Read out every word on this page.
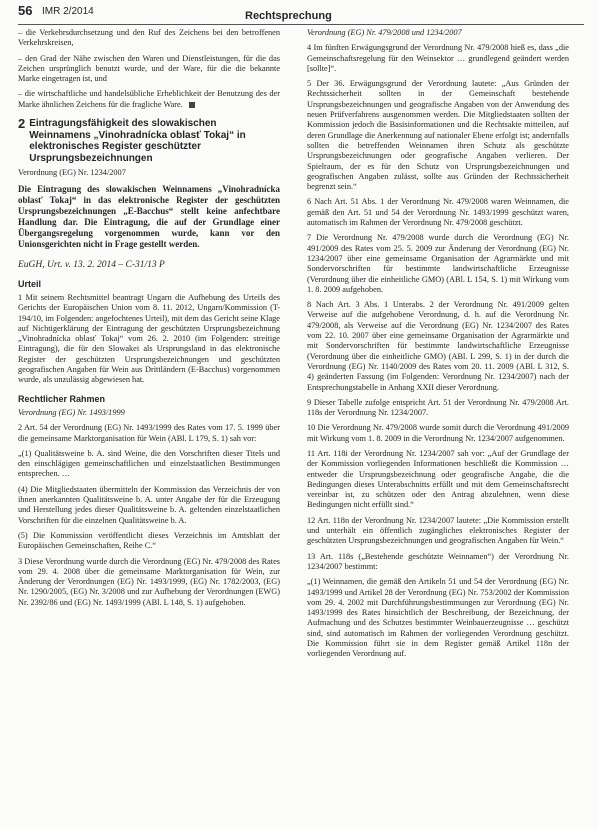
56 IMR 2/2014	Rechtsprechung

– die Verkehrsdurchsetzung und den Ruf des Zeichens bei den betroffenen Verkehrskreisen,

– den Grad der Nähe zwischen den Waren und Dienstleistungen, für die das Zeichen ursprünglich benutzt wurde, und der Ware, für die die bekannte Marke eingetragen ist, und

– die wirtschaftliche und handelsübliche Erheblichkeit der Benutzung des der Marke ähnlichen Zeichens für die fragliche Ware.

2 Eintragungsfähigkeit des slowakischen Weinnamens „Vinohradnícka oblasť Tokaj“ in elektronisches Register geschützter Ursprungsbezeichnungen
Verordnung (EG) Nr. 1234/2007
Die Eintragung des slowakischen Weinnamens „Vinohradnícka oblasť Tokaj“ in das elektronische Register der geschützten Ursprungsbezeichnungen „E-Bacchus“ stellt keine anfechtbare Handlung dar. Die Eintragung, die auf der Grundlage einer Übergangsregelung vorgenommen wurde, kann vor den Unionsgerichten nicht in Frage gestellt werden.
EuGH, Urt. v. 13. 2. 2014 – C-31/13 P
Urteil

1 Mit seinem Rechtsmittel beantragt Ungarn die Aufhebung des Urteils des Gerichts der Europäischen Union vom 8. 11. 2012, Ungarn/Kommission (T-194/10, im Folgenden: angefochtenes Urteil), mit dem das Gericht seine Klage auf Nichtigerklärung der Eintragung der geschützten Ursprungsbezeichnung „Vinohradnícka oblasť Tokaj“ vom 26. 2. 2010 (im Folgenden: streitige Eintragung), die für den Slowakei als Ursprungsland in das elektronische Register der geschützten Ursprungsbezeichnungen und geschützten geografischen Angaben für Wein aus Drittländern (E-Bacchus) vorgenommen wurde, als unzulässig abgewiesen hat.

Rechtlicher Rahmen

Verordnung (EG) Nr. 1493/1999

2 Art. 54 der Verordnung (EG) Nr. 1493/1999 des Rates vom 17. 5. 1999 über die gemeinsame Marktorganisation für Wein (ABl. L 179, S. 1) sah vor:

„(1) Qualitätsweine b. A. sind Weine, die den Vorschriften dieser Titels und den einschlägigen gemeinschaftlichen und einzelstaatlichen Bestimmungen entsprechen. …

(4) Die Mitgliedstaaten übermitteln der Kommission das Verzeichnis der von ihnen anerkannten Qualitätsweine b. A. unter Angabe der für die Erzeugung und Herstellung jedes dieser Qualitätsweine b. A. geltenden einzelstaatlichen Vorschriften für die einzelnen Qualitätsweine b. A.

(5) Die Kommission veröffentlicht dieses Verzeichnis im Amtsblatt der Europäischen Gemeinschaften, Reihe C.“

3 Diese Verordnung wurde durch die Verordnung (EG) Nr. 479/2008 des Rates vom 29. 4. 2008 über die gemeinsame Marktorganisation für Wein, zur Änderung der Verordnungen (EG) Nr. 1493/1999, (EG) Nr. 1782/2003, (EG) Nr. 1290/2005, (EG) Nr. 3/2008 und zur Aufhebung der Verordnungen (EWG) Nr. 2392/86 und (EG) Nr. 1493/1999 (ABl. L 148, S. 1) aufgehoben.

Verordnung (EG) Nr. 479/2008 und 1234/2007

4 Im fünften Erwägungsgrund der Verordnung Nr. 479/2008 hieß es, dass „die Gemeinschaftsregelung für den Weinsektor … grundlegend geändert werden [sollte]“.

5 Der 36. Erwägungsgrund der Verordnung lautete: „Aus Gründen der Rechtssicherheit sollten in der Gemeinschaft bestehende Ursprungsbezeichnungen und geografische Angaben von der Anwendung des neuen Prüfverfahrens ausgenommen werden. Die Mitgliedstaaten sollten der Kommission jedoch die Basisinformationen und die Rechtsakte mitteilen, auf deren Grundlage die Anerkennung auf nationaler Ebene erfolgt ist; andernfalls sollten die betreffenden Weinnamen ihren Schutz als geschützte Ursprungsbezeichnungen oder geografische Angaben verlieren. Der Spielraum, der es für den Schutz von Ursprungsbezeichnungen und geografischen Angaben zulässt, sollte aus Gründen der Rechtssicherheit begrenzt sein.“

6 Nach Art. 51 Abs. 1 der Verordnung Nr. 479/2008 waren Weinnamen, die gemäß den Art. 51 und 54 der Verordnung Nr. 1493/1999 geschützt waren, automatisch im Rahmen der Verordnung Nr. 479/2008 geschützt.

7 Die Verordnung Nr. 479/2008 wurde durch die Verordnung (EG) Nr. 491/2009 des Rates vom 25. 5. 2009 zur Änderung der Verordnung (EG) Nr. 1234/2007 über eine gemeinsame Organisation der Agrarmärkte und mit Sondervorschriften für bestimmte landwirtschaftliche Erzeugnisse (Verordnung über die einheitliche GMO) (ABl. L 154, S. 1) mit Wirkung vom 1. 8. 2009 aufgehoben.

8 Nach Art. 3 Abs. 1 Unterabs. 2 der Verordnung Nr. 491/2009 gelten Verweise auf die aufgehobene Verordnung, d. h. auf die Verordnung Nr. 479/2008, als Verweise auf die Verordnung (EG) Nr. 1234/2007 des Rates vom 22. 10. 2007 über eine gemeinsame Organisation der Agrarmärkte und mit Sondervorschriften für bestimmte landwirtschaftliche Erzeugnisse (Verordnung über die einheitliche GMO) (ABl. L 299, S. 1) in der durch die Verordnung (EG) Nr. 1140/2009 des Rates vom 20. 11. 2009 (ABl. L 312, S. 4) geänderten Fassung (im Folgenden: Verordnung Nr. 1234/2007) nach der Entsprechungstabelle in Anhang XXII dieser Verordnung.

9 Dieser Tabelle zufolge entspricht Art. 51 der Verordnung Nr. 479/2008 Art. 118s der Verordnung Nr. 1234/2007.

10 Die Verordnung Nr. 479/2008 wurde somit durch die Verordnung 491/2009 mit Wirkung vom 1. 8. 2009 in die Verordnung Nr. 1234/2007 aufgenommen.

11 Art. 118i der Verordnung Nr. 1234/2007 sah vor: „Auf der Grundlage der der Kommission vorliegenden Informationen beschließt die Kommission … entweder die Ursprungsbezeichnung oder geografische Angabe, die die Bedingungen dieses Unterabschnitts erfüllt und mit dem Gemeinschaftsrecht vereinbar ist, zu schützen oder den Antrag abzulehnen, wenn diese Bedingungen nicht erfüllt sind.“

12 Art. 118n der Verordnung Nr. 1234/2007 lautete: „Die Kommission erstellt und unterhält ein öffentlich zugängliches elektronisches Register der geschützten Ursprungsbezeichnungen und geografischen Angaben für Wein.“

13 Art. 118s („Bestehende geschützte Weinnamen“) der Verordnung Nr. 1234/2007 bestimmt:

„(1) Weinnamen, die gemäß den Artikeln 51 und 54 der Verordnung (EG) Nr. 1493/1999 und Artikel 28 der Verordnung (EG) Nr. 753/2002 der Kommission vom 29. 4. 2002 mit Durchführungsbestimmungen zur Verordnung (EG) Nr. 1493/1999 des Rates hinsichtlich der Beschreibung, der Bezeichnung, der Aufmachung und des Schutzes bestimmter Weinbauerzeugnisse … geschützt sind, sind automatisch im Rahmen der vorliegenden Verordnung geschützt. Die Kommission führt sie in dem Register gemäß Artikel 118n der vorliegenden Verordnung auf.
